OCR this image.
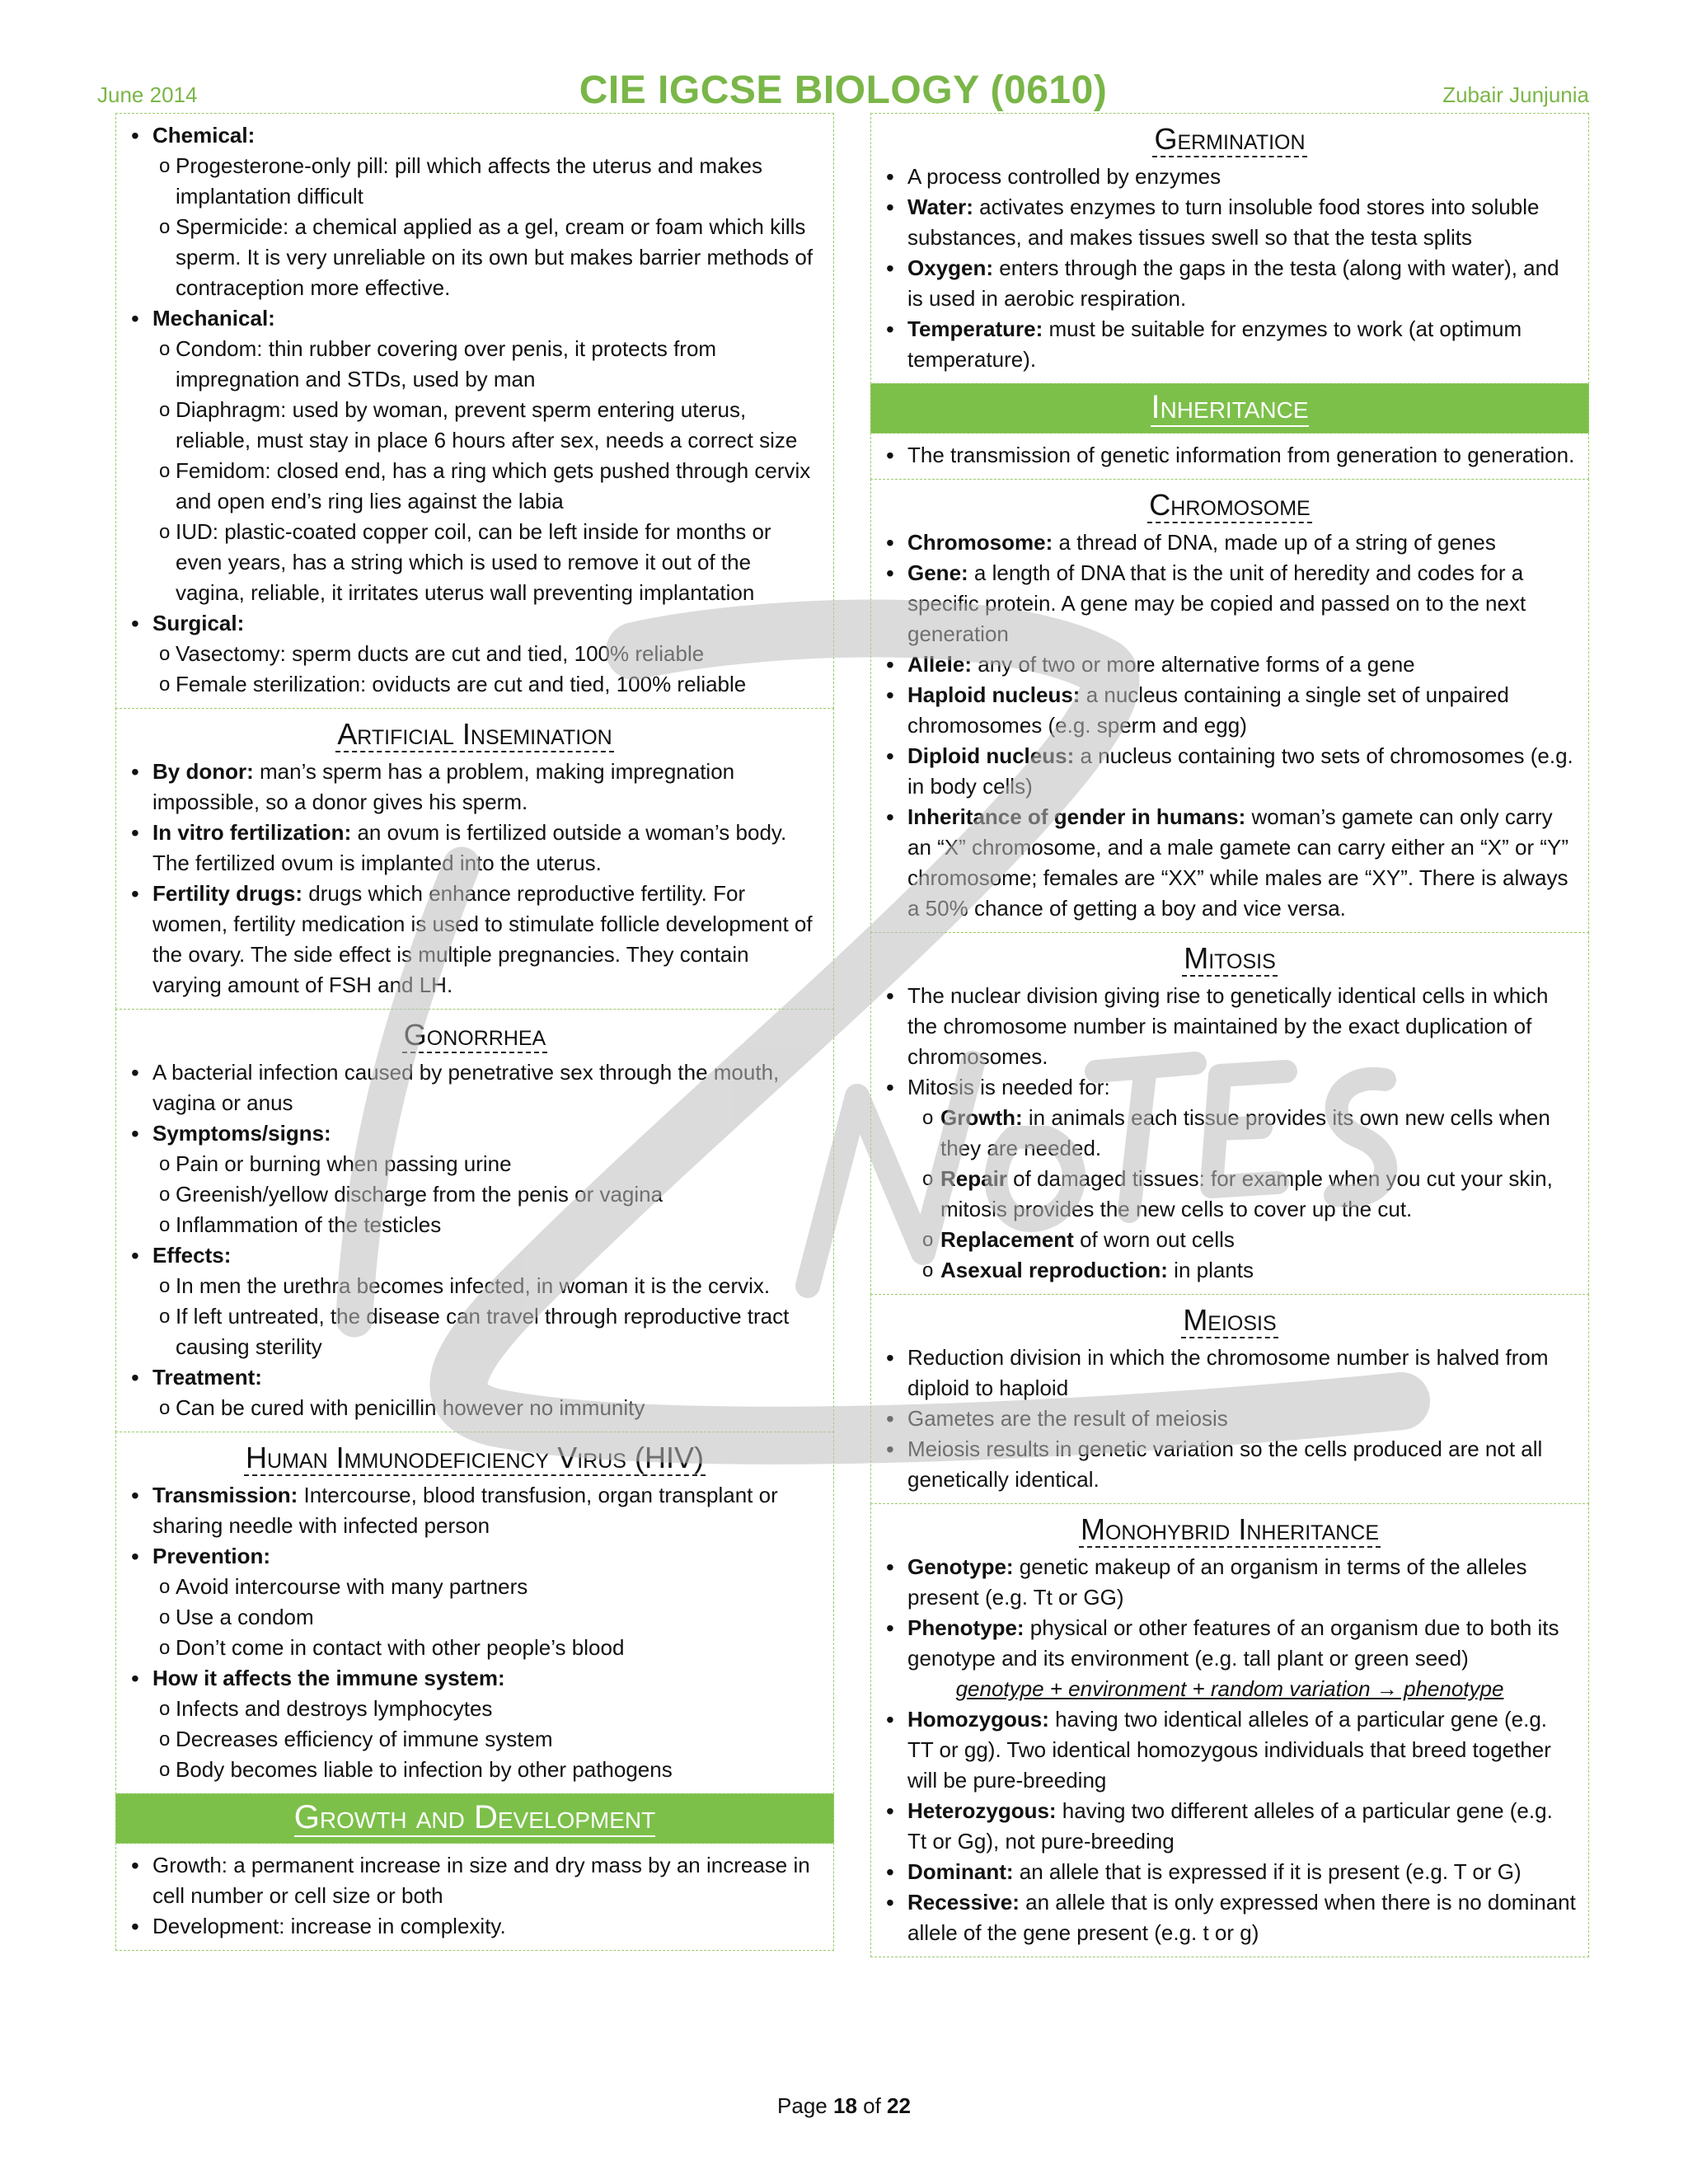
June 2014	CIE IGCSE BIOLOGY (0610)	Zubair Junjunia
• Chemical:
o Progesterone-only pill: pill which affects the uterus and makes implantation difficult
o Spermicide: a chemical applied as a gel, cream or foam which kills sperm. It is very unreliable on its own but makes barrier methods of contraception more effective.
• Mechanical:
o Condom: thin rubber covering over penis, it protects from impregnation and STDs, used by man
o Diaphragm: used by woman, prevent sperm entering uterus, reliable, must stay in place 6 hours after sex, needs a correct size
o Femidom: closed end, has a ring which gets pushed through cervix and open end’s ring lies against the labia
o IUD: plastic-coated copper coil, can be left inside for months or even years, has a string which is used to remove it out of the vagina, reliable, it irritates uterus wall preventing implantation
• Surgical:
o Vasectomy: sperm ducts are cut and tied, 100% reliable
o Female sterilization: oviducts are cut and tied, 100% reliable
Artificial Insemination
• By donor: man’s sperm has a problem, making impregnation impossible, so a donor gives his sperm.
• In vitro fertilization: an ovum is fertilized outside a woman’s body. The fertilized ovum is implanted into the uterus.
• Fertility drugs: drugs which enhance reproductive fertility. For women, fertility medication is used to stimulate follicle development of the ovary. The side effect is multiple pregnancies. They contain varying amount of FSH and LH.
Gonorrhea
• A bacterial infection caused by penetrative sex through the mouth, vagina or anus
• Symptoms/signs:
o Pain or burning when passing urine
o Greenish/yellow discharge from the penis or vagina
o Inflammation of the testicles
• Effects:
o In men the urethra becomes infected, in woman it is the cervix.
o If left untreated, the disease can travel through reproductive tract causing sterility
• Treatment:
o Can be cured with penicillin however no immunity
Human Immunodeficiency Virus (HIV)
• Transmission: Intercourse, blood transfusion, organ transplant or sharing needle with infected person
• Prevention:
o Avoid intercourse with many partners
o Use a condom
o Don’t come in contact with other people’s blood
• How it affects the immune system:
o Infects and destroys lymphocytes
o Decreases efficiency of immune system
o Body becomes liable to infection by other pathogens
Growth and Development
• Growth: a permanent increase in size and dry mass by an increase in cell number or cell size or both
• Development: increase in complexity.
Germination
• A process controlled by enzymes
• Water: activates enzymes to turn insoluble food stores into soluble substances, and makes tissues swell so that the testa splits
• Oxygen: enters through the gaps in the testa (along with water), and is used in aerobic respiration.
• Temperature: must be suitable for enzymes to work (at optimum temperature).
Inheritance
• The transmission of genetic information from generation to generation.
Chromosome
• Chromosome: a thread of DNA, made up of a string of genes
• Gene: a length of DNA that is the unit of heredity and codes for a specific protein. A gene may be copied and passed on to the next generation
• Allele: any of two or more alternative forms of a gene
• Haploid nucleus: a nucleus containing a single set of unpaired chromosomes (e.g. sperm and egg)
• Diploid nucleus: a nucleus containing two sets of chromosomes (e.g. in body cells)
• Inheritance of gender in humans: woman’s gamete can only carry an “X” chromosome, and a male gamete can carry either an “X” or “Y” chromosome; females are “XX” while males are “XY”. There is always a 50% chance of getting a boy and vice versa.
Mitosis
• The nuclear division giving rise to genetically identical cells in which the chromosome number is maintained by the exact duplication of chromosomes.
• Mitosis is needed for:
o Growth: in animals each tissue provides its own new cells when they are needed.
o Repair of damaged tissues: for example when you cut your skin, mitosis provides the new cells to cover up the cut.
o Replacement of worn out cells
o Asexual reproduction: in plants
Meiosis
• Reduction division in which the chromosome number is halved from diploid to haploid
• Gametes are the result of meiosis
• Meiosis results in genetic variation so the cells produced are not all genetically identical.
Monohybrid Inheritance
• Genotype: genetic makeup of an organism in terms of the alleles present (e.g. Tt or GG)
• Phenotype: physical or other features of an organism due to both its genotype and its environment (e.g. tall plant or green seed)
genotype + environment + random variation → phenotype
• Homozygous: having two identical alleles of a particular gene (e.g. TT or gg). Two identical homozygous individuals that breed together will be pure-breeding
• Heterozygous: having two different alleles of a particular gene (e.g. Tt or Gg), not pure-breeding
• Dominant: an allele that is expressed if it is present (e.g. T or G)
• Recessive: an allele that is only expressed when there is no dominant allele of the gene present (e.g. t or g)
Page 18 of 22
